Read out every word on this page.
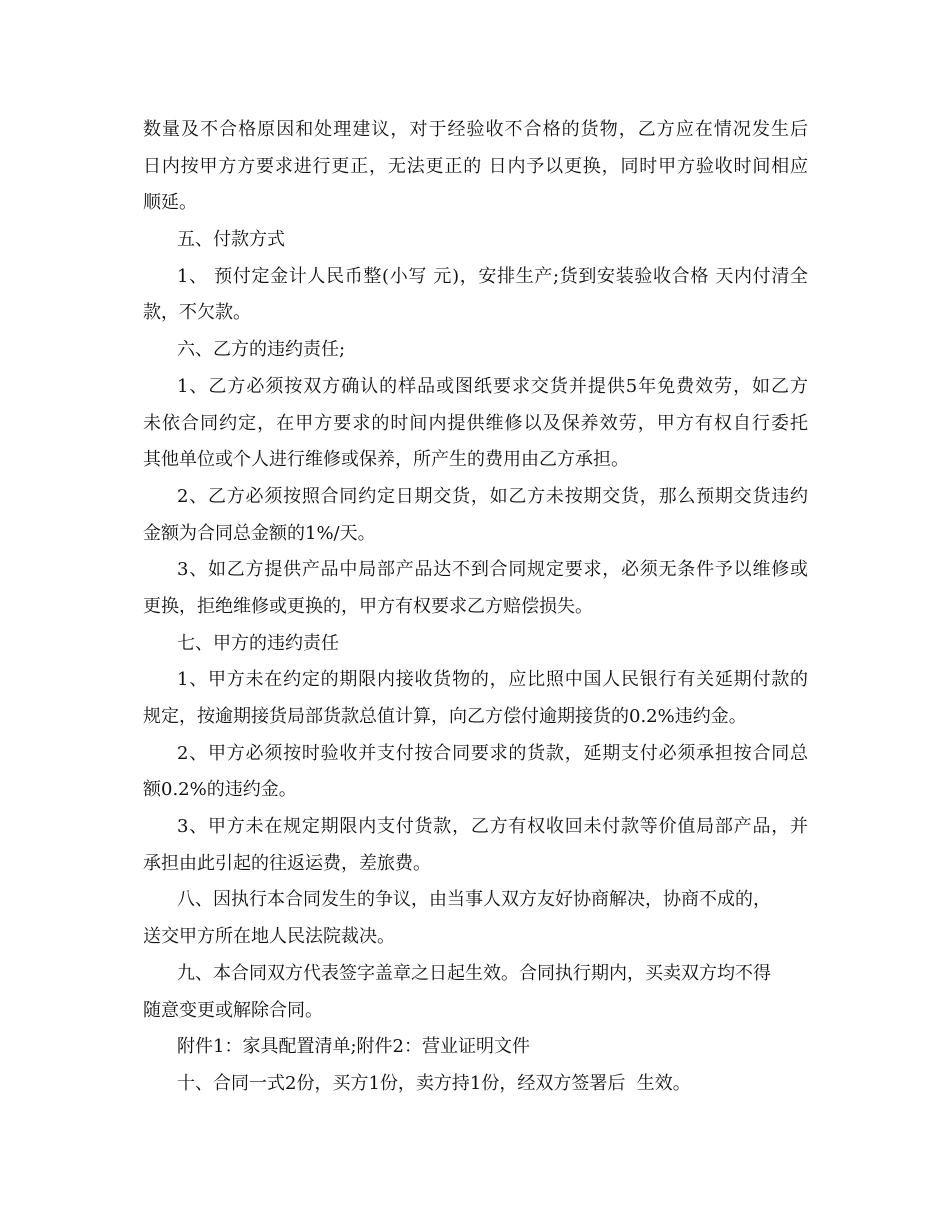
数量及不合格原因和处理建议，对于经验收不合格的货物，乙方应在情况发生后
日内按甲方方要求进行更正，无法更正的 日内予以更换，同时甲方验收时间相应
顺延。
五、付款方式
1、 预付定金计人民币整(小写 元)，安排生产;货到安装验收合格 天内付清全
款，不欠款。
六、乙方的违约责任;
1、乙方必须按双方确认的样品或图纸要求交货并提供5年免费效劳，如乙方
未依合同约定，在甲方要求的时间内提供维修以及保养效劳，甲方有权自行委托
其他单位或个人进行维修或保养，所产生的费用由乙方承担。
2、乙方必须按照合同约定日期交货，如乙方未按期交货，那么预期交货违约
金额为合同总金额的1%/天。
3、如乙方提供产品中局部产品达不到合同规定要求，必须无条件予以维修或
更换，拒绝维修或更换的，甲方有权要求乙方赔偿损失。
七、甲方的违约责任
1、甲方未在约定的期限内接收货物的，应比照中国人民银行有关延期付款的
规定，按逾期接货局部货款总值计算，向乙方偿付逾期接货的0.2%违约金。
2、甲方必须按时验收并支付按合同要求的货款，延期支付必须承担按合同总
额0.2%的违约金。
3、甲方未在规定期限内支付货款，乙方有权收回未付款等价值局部产品，并
承担由此引起的往返运费，差旅费。
八、因执行本合同发生的争议，由当事人双方友好协商解决，协商不成的，
送交甲方所在地人民法院裁决。
九、本合同双方代表签字盖章之日起生效。合同执行期内，买卖双方均不得
随意变更或解除合同。
附件1：家具配置清单;附件2：营业证明文件
十、合同一式2份，买方1份，卖方持1份，经双方签署后  生效。
